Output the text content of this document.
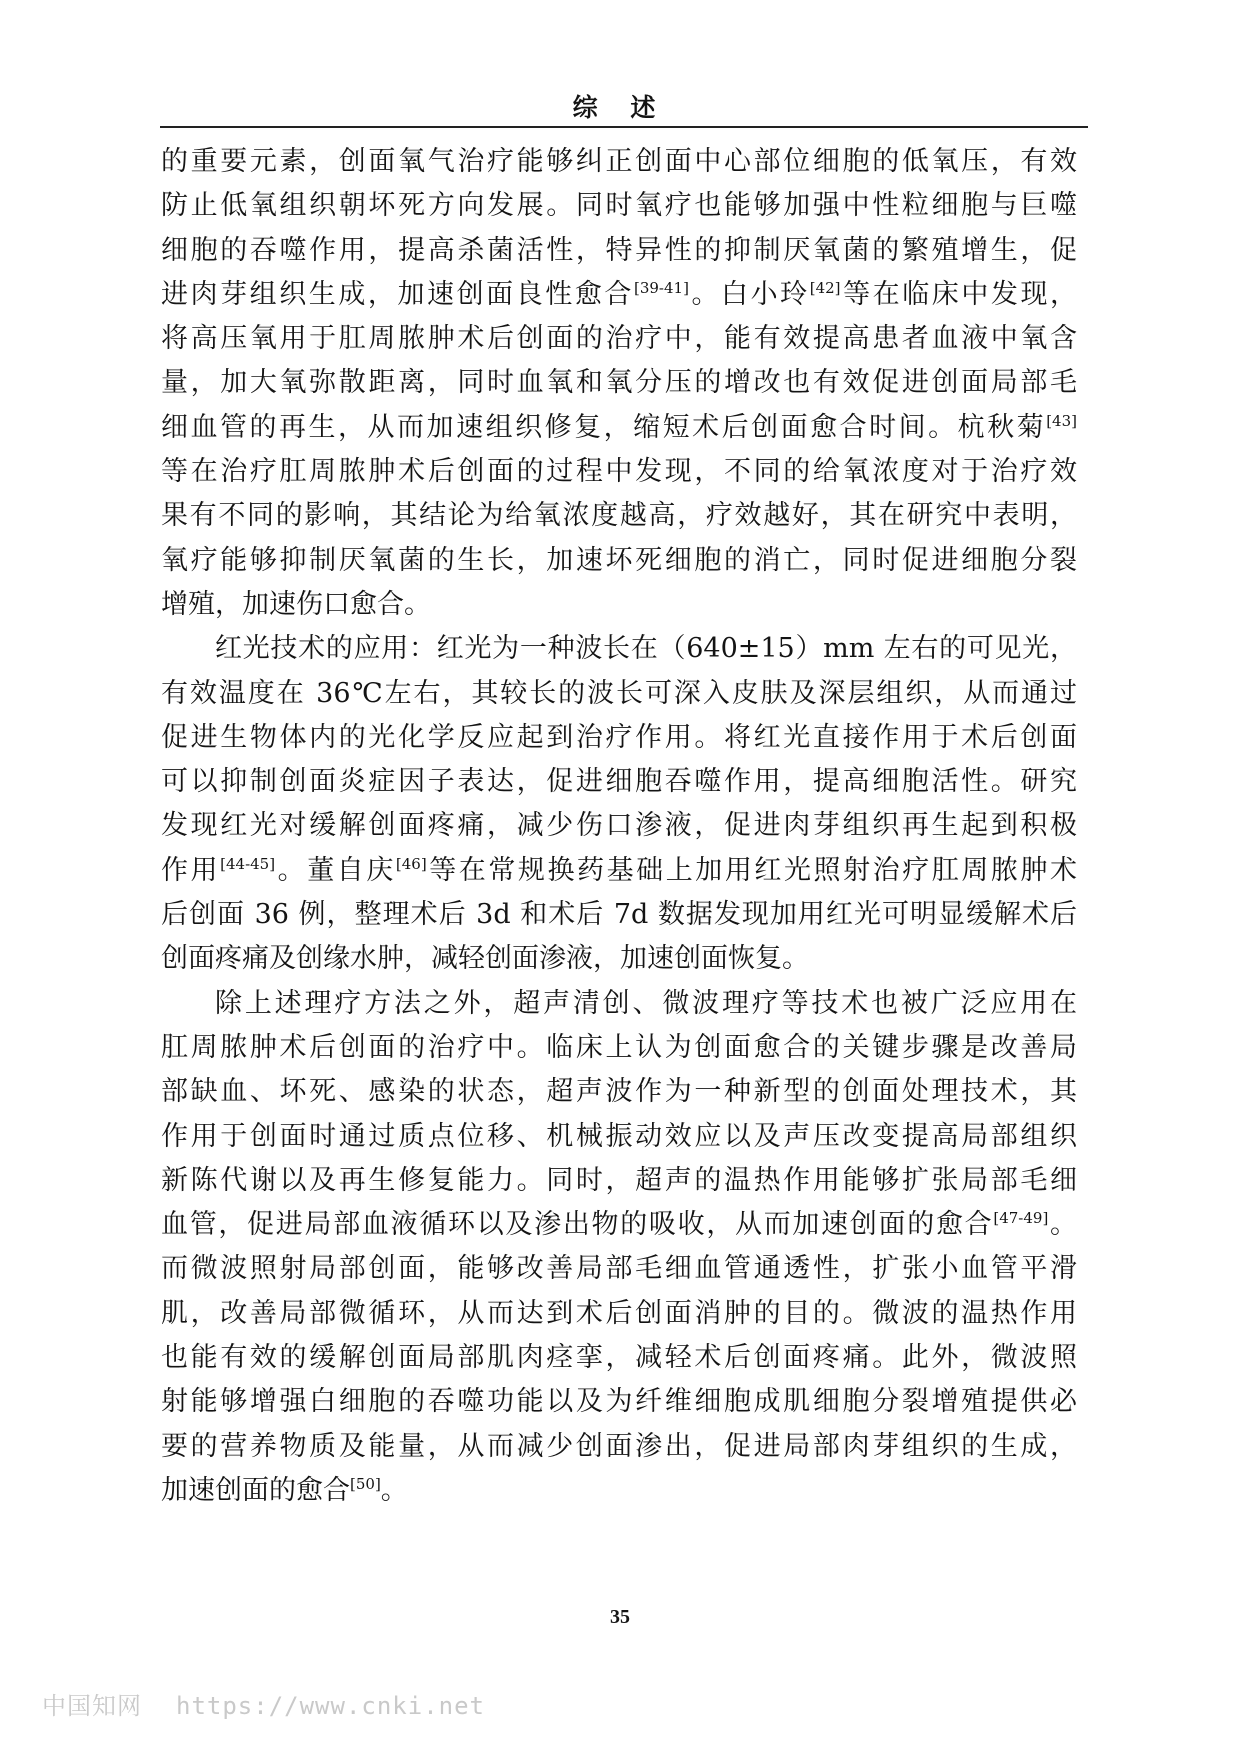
综 述
的重要元素，创面氧气治疗能够纠正创面中心部位细胞的低氧压，有效
防止低氧组织朝坏死方向发展。同时氧疗也能够加强中性粒细胞与巨噬
细胞的吞噬作用，提高杀菌活性，特异性的抑制厌氧菌的繁殖增生，促
进肉芽组织生成，加速创面良性愈合[39-41]。白小玲[42]等在临床中发现，
将高压氧用于肛周脓肿术后创面的治疗中，能有效提高患者血液中氧含
量，加大氧弥散距离，同时血氧和氧分压的增改也有效促进创面局部毛
细血管的再生，从而加速组织修复，缩短术后创面愈合时间。杭秋菊[43]
等在治疗肛周脓肿术后创面的过程中发现，不同的给氧浓度对于治疗效
果有不同的影响，其结论为给氧浓度越高，疗效越好，其在研究中表明，
氧疗能够抑制厌氧菌的生长，加速坏死细胞的消亡，同时促进细胞分裂
增殖，加速伤口愈合。
红光技术的应用：红光为一种波长在（640±15）mm 左右的可见光，
有效温度在 36℃左右，其较长的波长可深入皮肤及深层组织，从而通过
促进生物体内的光化学反应起到治疗作用。将红光直接作用于术后创面
可以抑制创面炎症因子表达，促进细胞吞噬作用，提高细胞活性。研究
发现红光对缓解创面疼痛，减少伤口渗液，促进肉芽组织再生起到积极
作用[44-45]。董自庆[46]等在常规换药基础上加用红光照射治疗肛周脓肿术
后创面 36 例，整理术后 3d 和术后 7d 数据发现加用红光可明显缓解术后
创面疼痛及创缘水肿，减轻创面渗液，加速创面恢复。
除上述理疗方法之外，超声清创、微波理疗等技术也被广泛应用在
肛周脓肿术后创面的治疗中。临床上认为创面愈合的关键步骤是改善局
部缺血、坏死、感染的状态，超声波作为一种新型的创面处理技术，其
作用于创面时通过质点位移、机械振动效应以及声压改变提高局部组织
新陈代谢以及再生修复能力。同时，超声的温热作用能够扩张局部毛细
血管，促进局部血液循环以及渗出物的吸收，从而加速创面的愈合[47-49]。
而微波照射局部创面，能够改善局部毛细血管通透性，扩张小血管平滑
肌，改善局部微循环，从而达到术后创面消肿的目的。微波的温热作用
也能有效的缓解创面局部肌肉痉挛，减轻术后创面疼痛。此外，微波照
射能够增强白细胞的吞噬功能以及为纤维细胞成肌细胞分裂增殖提供必
要的营养物质及能量，从而减少创面渗出，促进局部肉芽组织的生成，
加速创面的愈合[50]。
35
中国知网 https://www.cnki.net
